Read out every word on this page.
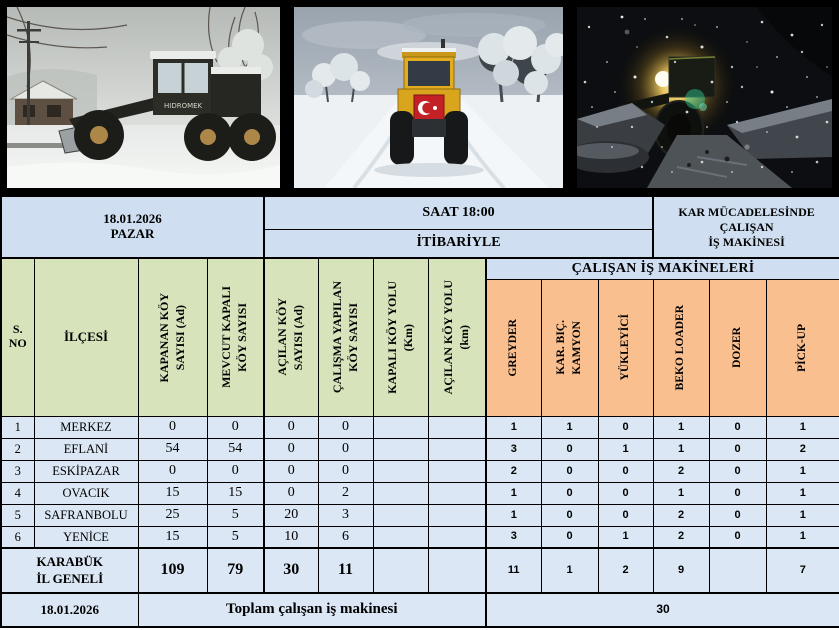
HIDROMEK
18.01.2026
PAZAR
	SAAT 18:00	KAR MÜCADELESİNDE
ÇALIŞAN
İŞ MAKİNESİ

				İTİBARİYLE									

S.
NO	İLÇESİ	KAPANAN KÖY SAYISI (Ad)	MEVCUT KAPALI KÖY SAYISI	AÇILAN KÖY SAYISI (Ad)	ÇALIŞMA YAPILAN KÖY SAYISI	KAPALI KÖY YOLU (Km)	AÇILAN KÖY YOLU (km)
	ÇALIŞAN İŞ MAKİNELERİ

								GREYDER	KAR. BIÇ. KAMYON	YÜKLEYİCİ	BEKO LOADER	DOZER	PİCK-UP

1	MERKEZ	0	0	0	0			1	1	0	1	0	1
2	EFLANİ	54	54	0	0			3	0	1	1	0	2
3	ESKİPAZAR	0	0	0	0			2	0	0	2	0	1
4	OVACIK	15	15	0	2			1	0	0	1	0	1
5	SAFRANBOLU	25	5	20	3			1	0	0	2	0	1
6	YENİCE	15	5	10	6			3	0	1	2	0	1

KARABÜK
İL GENELİ		109	79	30	11			11	1	2	9		7
18.01.2026		Toplam çalışan iş makinesi						30					
